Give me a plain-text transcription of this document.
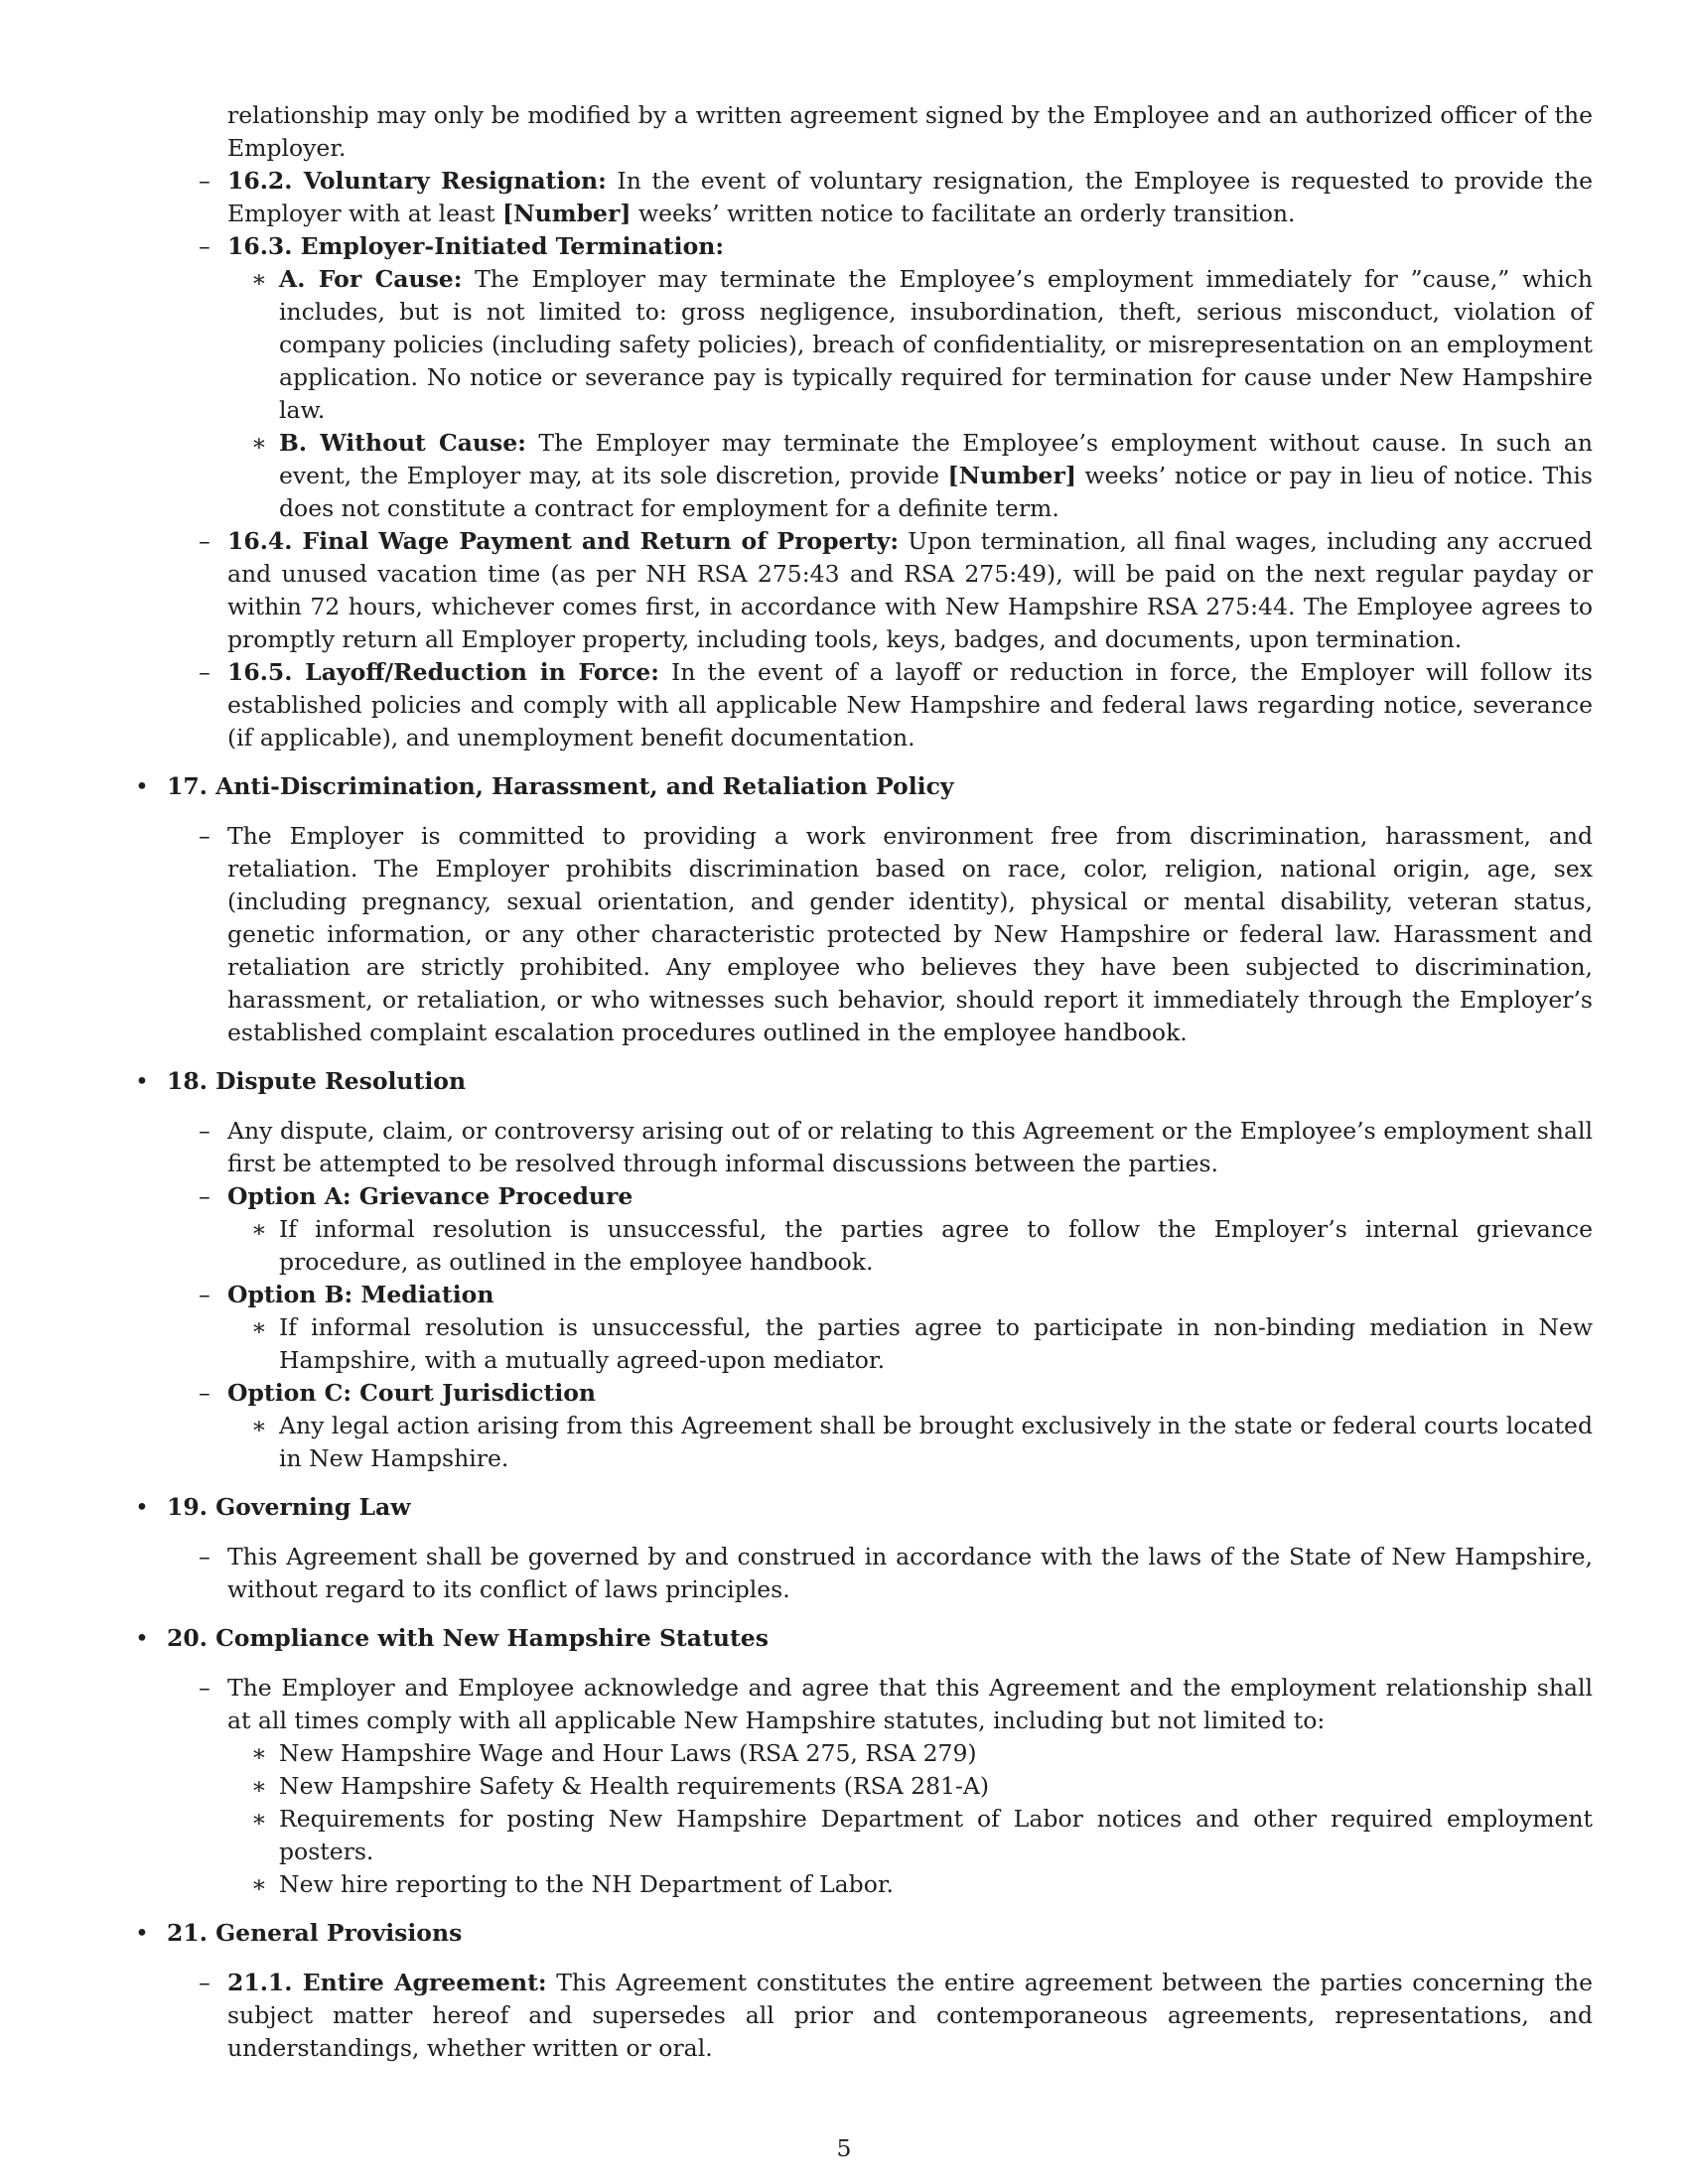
relationship may only be modified by a written agreement signed by the Employee and an authorized officer of the Employer.

– 16.2. Voluntary Resignation: In the event of voluntary resignation, the Employee is requested to provide the Employer with at least [Number] weeks’ written notice to facilitate an orderly transition.
– 16.3. Employer-Initiated Termination:
∗ A. For Cause: The Employer may terminate the Employee’s employment immediately for ”cause,” which includes, but is not limited to: gross negligence, insubordination, theft, serious misconduct, violation of company policies (including safety policies), breach of confidentiality, or misrepresentation on an employment application. No notice or severance pay is typically required for termination for cause under New Hampshire law.
∗ B. Without Cause: The Employer may terminate the Employee’s employment without cause. In such an event, the Employer may, at its sole discretion, provide [Number] weeks’ notice or pay in lieu of notice. This does not constitute a contract for employment for a definite term.
– 16.4. Final Wage Payment and Return of Property: Upon termination, all final wages, including any accrued and unused vacation time (as per NH RSA 275:43 and RSA 275:49), will be paid on the next regular payday or within 72 hours, whichever comes first, in accordance with New Hampshire RSA 275:44. The Employee agrees to promptly return all Employer property, including tools, keys, badges, and documents, upon termination.
– 16.5. Layoff/Reduction in Force: In the event of a layoff or reduction in force, the Employer will follow its established policies and comply with all applicable New Hampshire and federal laws regarding notice, severance (if applicable), and unemployment benefit documentation.
• 17. Anti-Discrimination, Harassment, and Retaliation Policy
– The Employer is committed to providing a work environment free from discrimination, harassment, and retaliation. The Employer prohibits discrimination based on race, color, religion, national origin, age, sex (including pregnancy, sexual orientation, and gender identity), physical or mental disability, veteran status, genetic information, or any other characteristic protected by New Hampshire or federal law. Harassment and retaliation are strictly prohibited. Any employee who believes they have been subjected to discrimination, harassment, or retaliation, or who witnesses such behavior, should report it immediately through the Employer’s established complaint escalation procedures outlined in the employee handbook.
• 18. Dispute Resolution
– Any dispute, claim, or controversy arising out of or relating to this Agreement or the Employee’s employment shall first be attempted to be resolved through informal discussions between the parties.
– Option A: Grievance Procedure
∗ If informal resolution is unsuccessful, the parties agree to follow the Employer’s internal grievance procedure, as outlined in the employee handbook.
– Option B: Mediation
∗ If informal resolution is unsuccessful, the parties agree to participate in non-binding mediation in New Hampshire, with a mutually agreed-upon mediator.
– Option C: Court Jurisdiction
∗ Any legal action arising from this Agreement shall be brought exclusively in the state or federal courts located in New Hampshire.
• 19. Governing Law
– This Agreement shall be governed by and construed in accordance with the laws of the State of New Hampshire, without regard to its conflict of laws principles.
• 20. Compliance with New Hampshire Statutes
– The Employer and Employee acknowledge and agree that this Agreement and the employment relationship shall at all times comply with all applicable New Hampshire statutes, including but not limited to:
∗ New Hampshire Wage and Hour Laws (RSA 275, RSA 279)
∗ New Hampshire Safety & Health requirements (RSA 281-A)
∗ Requirements for posting New Hampshire Department of Labor notices and other required employment posters.
∗ New hire reporting to the NH Department of Labor.
• 21. General Provisions
– 21.1. Entire Agreement: This Agreement constitutes the entire agreement between the parties concerning the subject matter hereof and supersedes all prior and contemporaneous agreements, representations, and understandings, whether written or oral.
5
